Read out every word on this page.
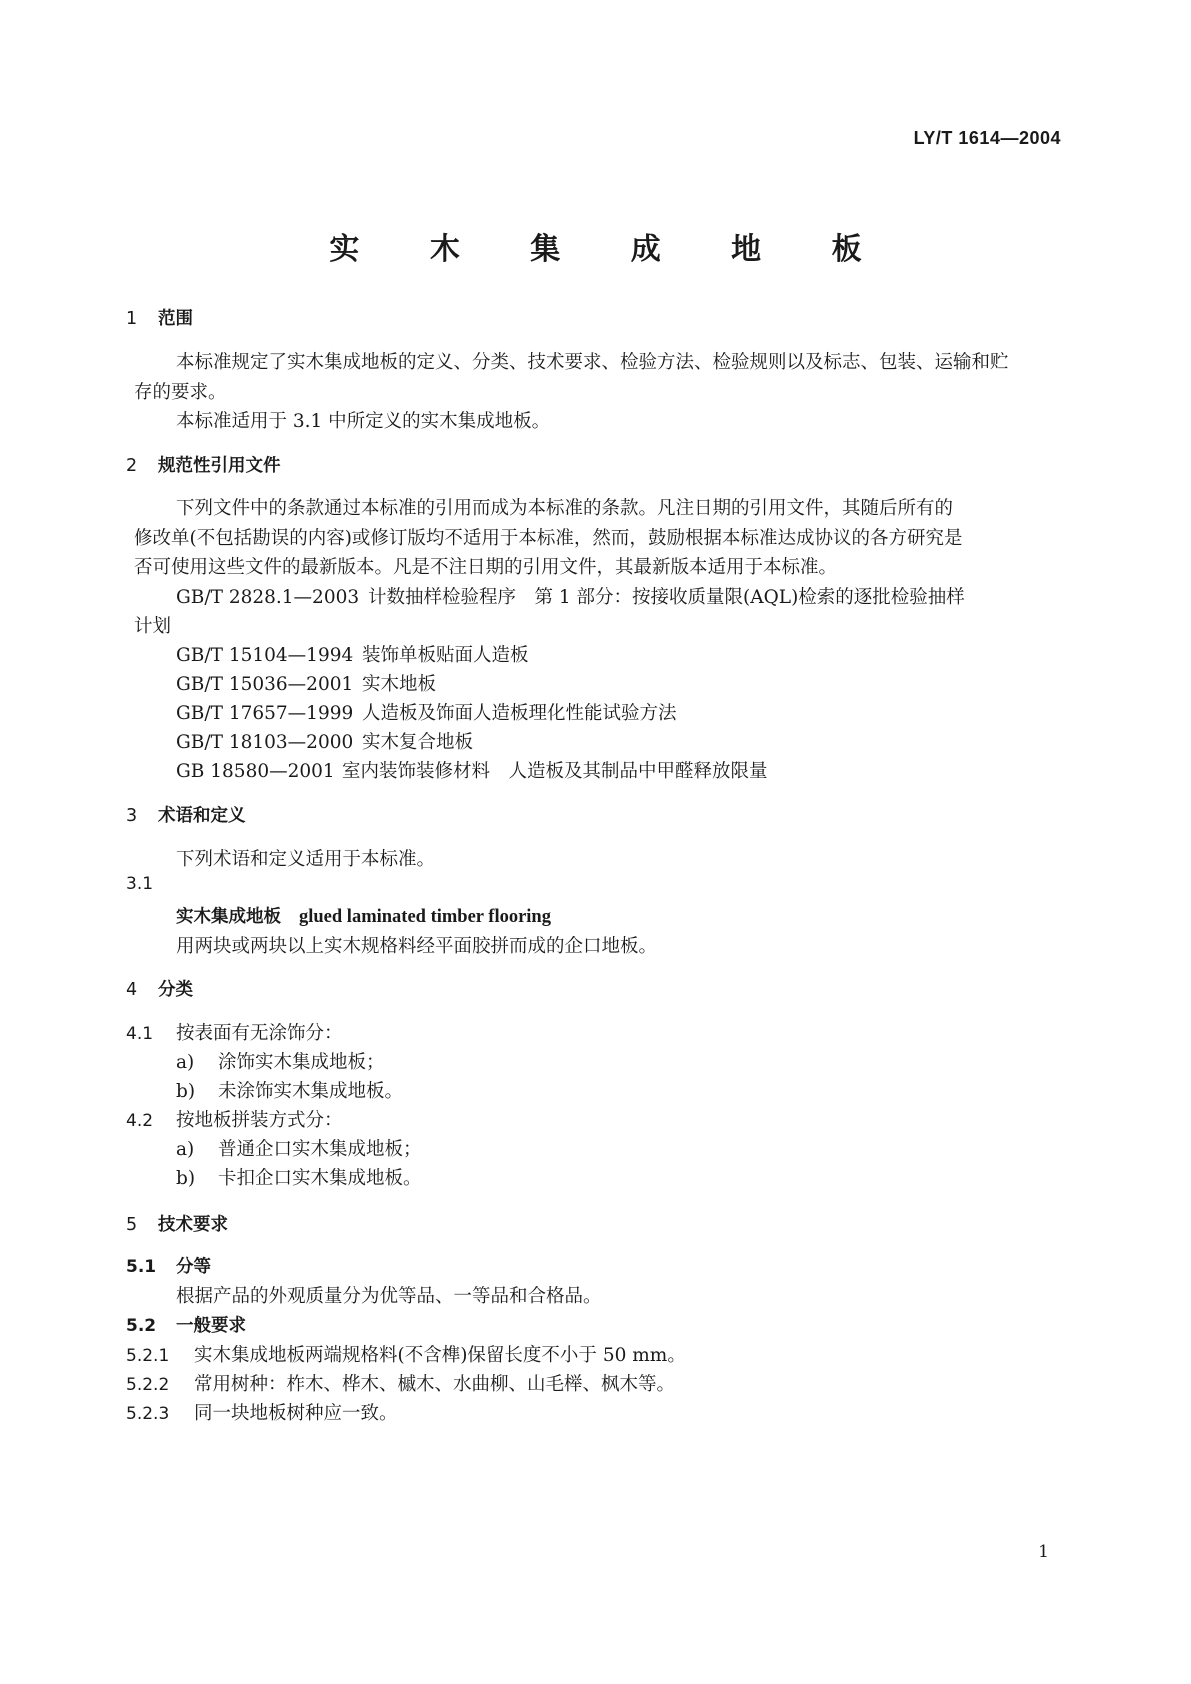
LY/T 1614—2004
实 木 集 成 地 板
1 范围
本标准规定了实木集成地板的定义、分类、技术要求、检验方法、检验规则以及标志、包装、运输和贮
存的要求。
本标准适用于 3.1 中所定义的实木集成地板。
2 规范性引用文件
下列文件中的条款通过本标准的引用而成为本标准的条款。凡注日期的引用文件，其随后所有的
修改单(不包括勘误的内容)或修订版均不适用于本标准，然而，鼓励根据本标准达成协议的各方研究是
否可使用这些文件的最新版本。凡是不注日期的引用文件，其最新版本适用于本标准。
GB/T 2828.1—2003 计数抽样检验程序　第 1 部分：按接收质量限(AQL)检索的逐批检验抽样
计划
GB/T 15104—1994 装饰单板贴面人造板
GB/T 15036—2001 实木地板
GB/T 17657—1999 人造板及饰面人造板理化性能试验方法
GB/T 18103—2000 实木复合地板
GB 18580—2001 室内装饰装修材料　人造板及其制品中甲醛释放限量
3 术语和定义
下列术语和定义适用于本标准。
3.1
实木集成地板 glued laminated timber flooring
用两块或两块以上实木规格料经平面胶拼而成的企口地板。
4 分类
4.1 按表面有无涂饰分：
a) 涂饰实木集成地板；
b) 未涂饰实木集成地板。
4.2 按地板拼装方式分：
a) 普通企口实木集成地板；
b) 卡扣企口实木集成地板。
5 技术要求
5.1 分等
根据产品的外观质量分为优等品、一等品和合格品。
5.2 一般要求
5.2.1 实木集成地板两端规格料(不含榫)保留长度不小于 50 mm。
5.2.2 常用树种：柞木、桦木、槭木、水曲柳、山毛榉、枫木等。
5.2.3 同一块地板树种应一致。
1
